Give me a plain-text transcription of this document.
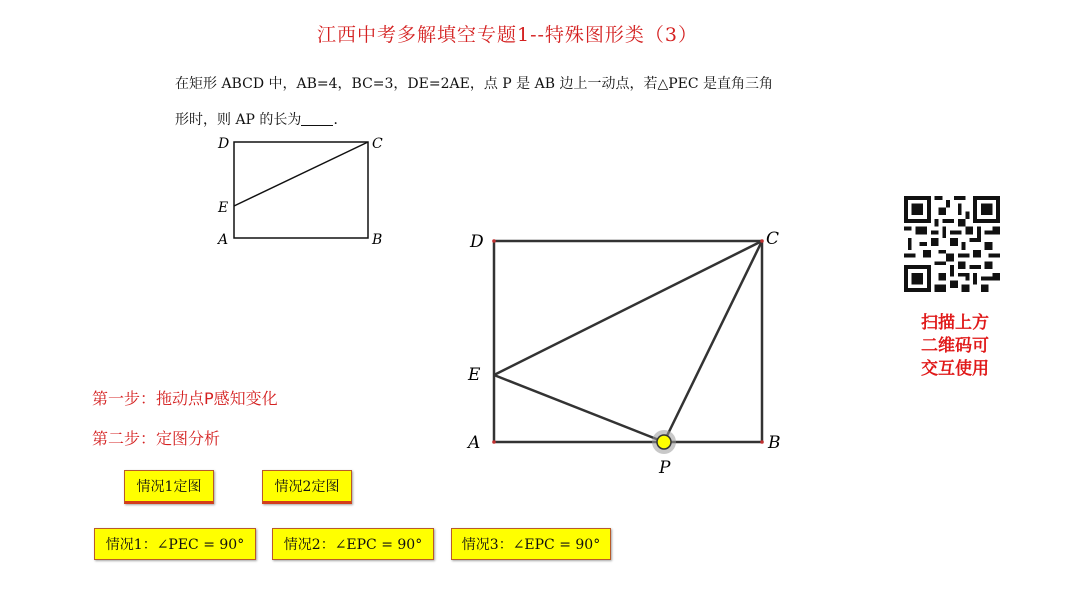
江西中考多解填空专题1--特殊图形类（3）
在矩形 ABCD 中，AB=4，BC=3，DE=2AE，点 P 是 AB 边上一动点，若△PEC 是直角三角
形时，则 AP 的长为 ．
D	C
E
A	B	D	C
E
A	B
P
第一步：拖动点P感知变化
第二步：定图分析
情况1定图	情况2定图
情况1：∠PEC = 90°	情况2：∠EPC = 90°	情况3：∠EPC = 90°
扫描上方
二维码可
交互使用
